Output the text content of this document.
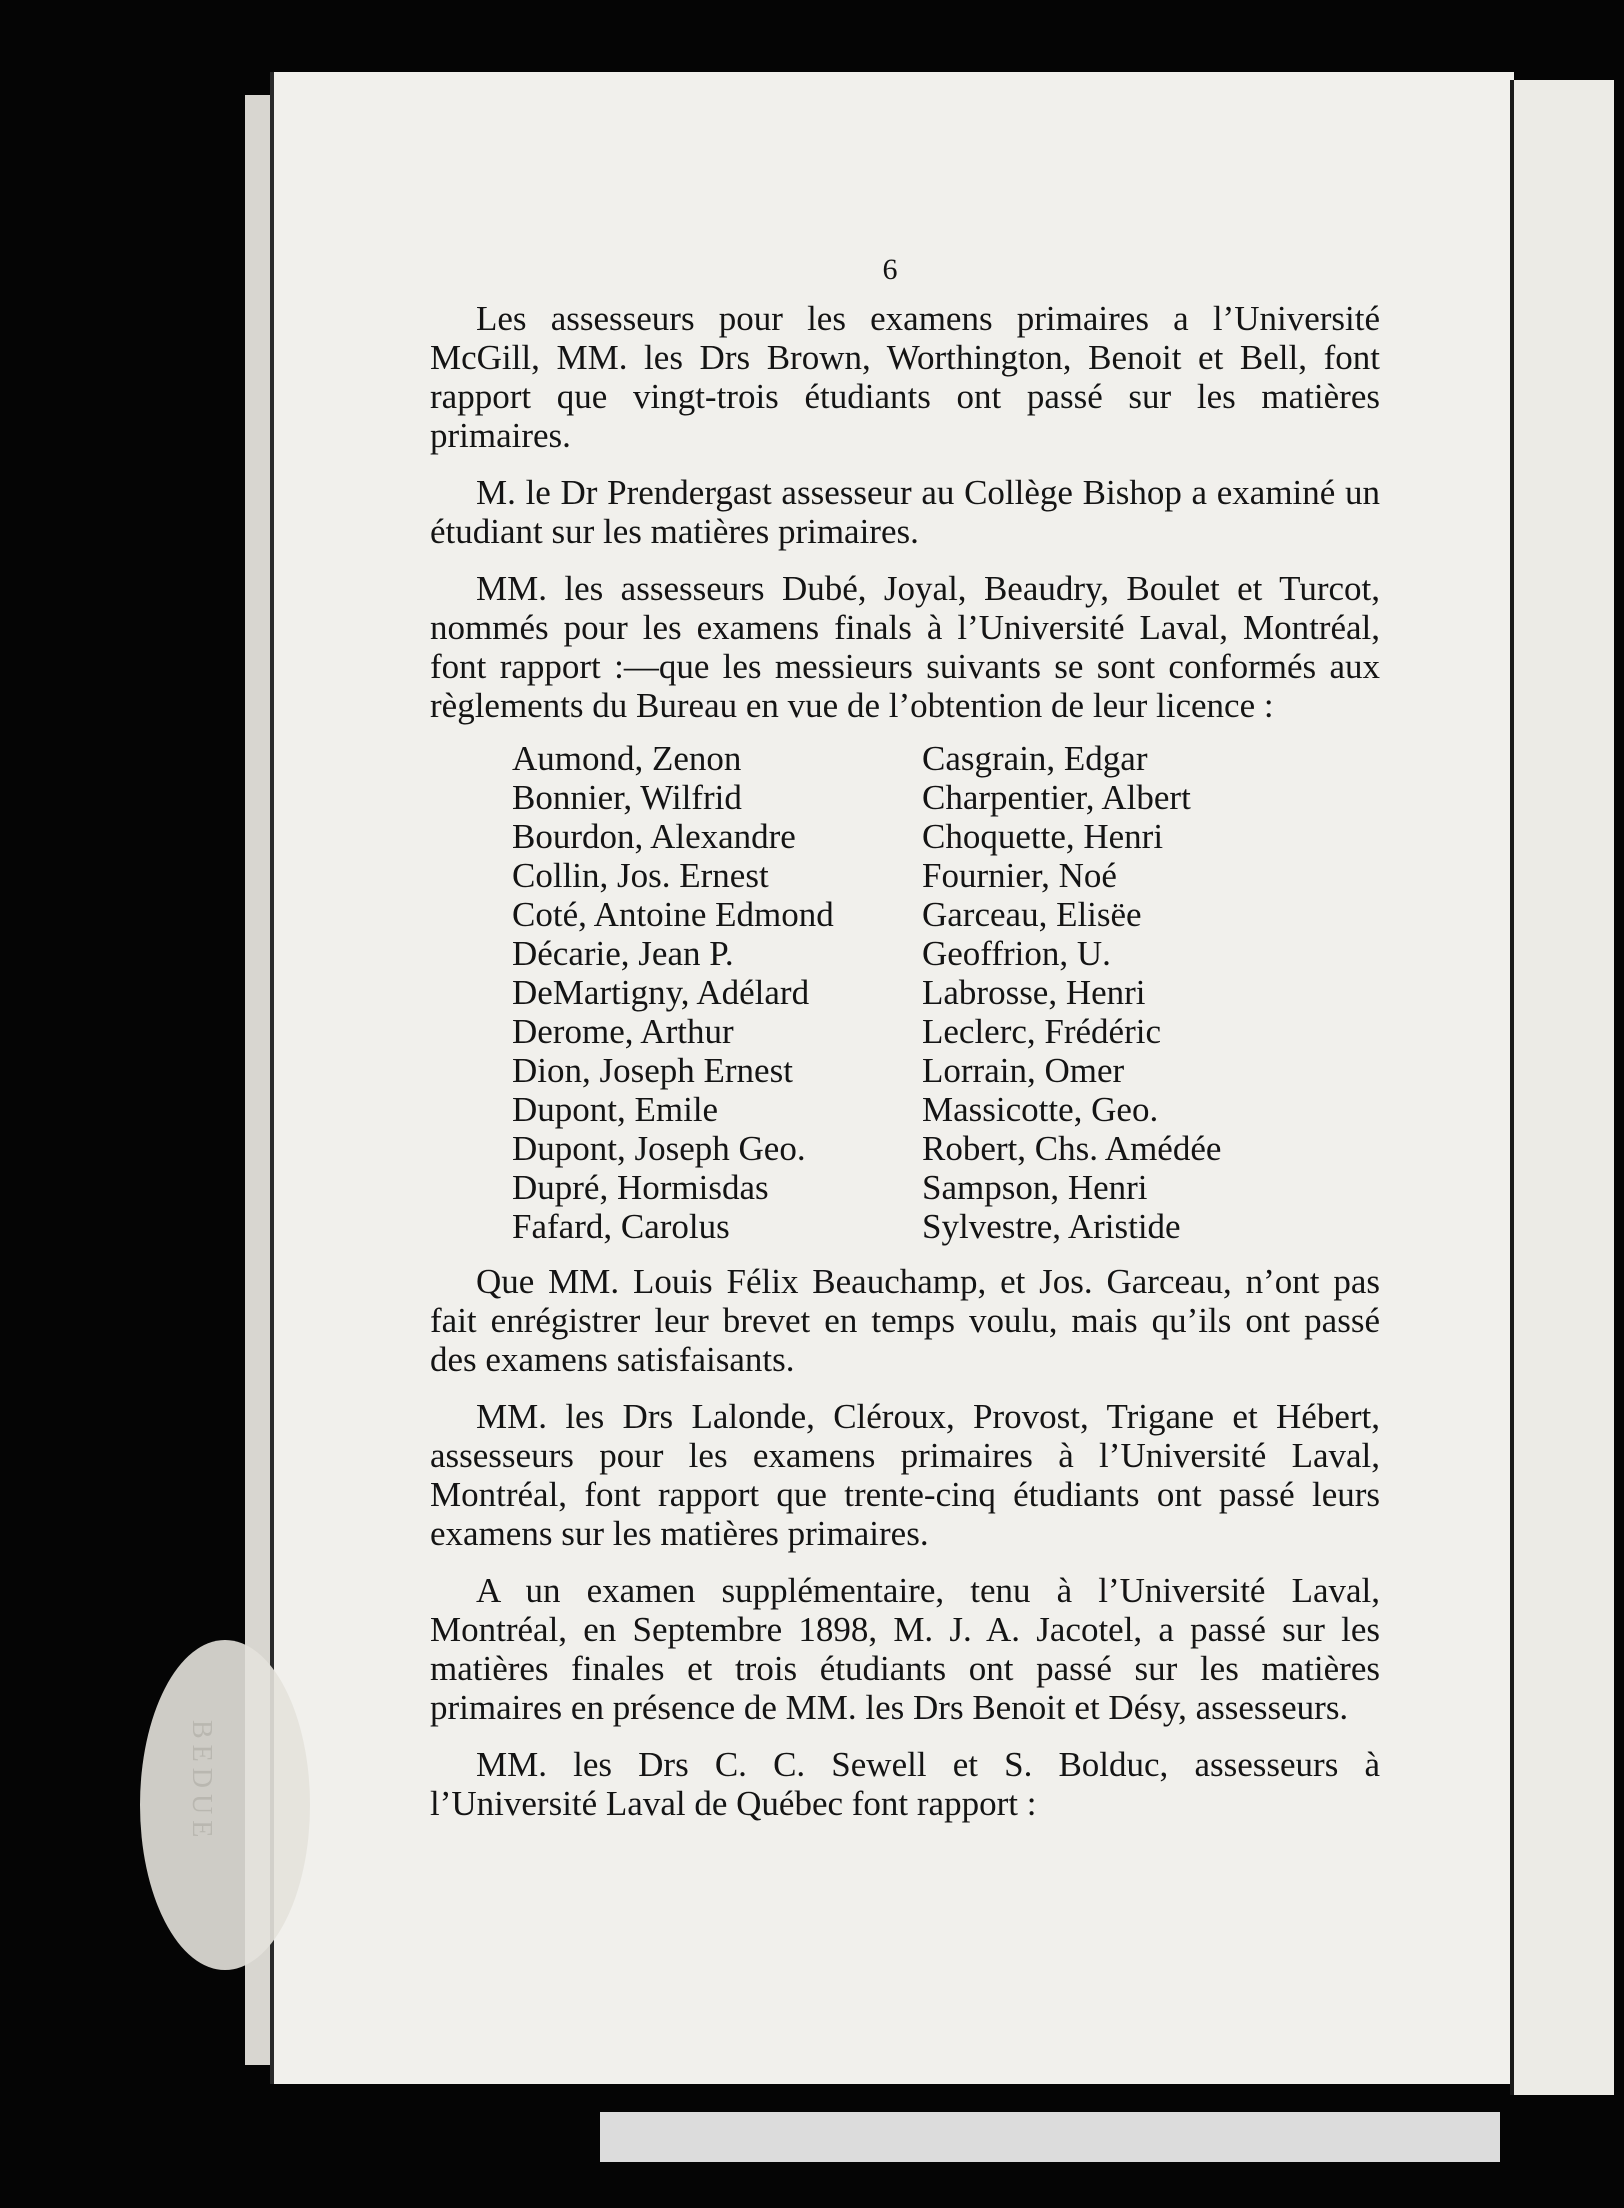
BEDUE
6

Les assesseurs pour les examens primaires a l’Université McGill, MM. les Drs Brown, Worthington, Benoit et Bell, font rapport que vingt-trois étudiants ont passé sur les matières primaires.

M. le Dr Prendergast assesseur au Collège Bishop a examiné un étudiant sur les matières primaires.

MM. les assesseurs Dubé, Joyal, Beaudry, Boulet et Turcot, nommés pour les examens finals à l’Université Laval, Montréal, font rapport :—que les messieurs suivants se sont conformés aux règlements du Bureau en vue de l’obtention de leur licence :

Aumond, Zenon
Bonnier, Wilfrid
Bourdon, Alexandre
Collin, Jos. Ernest
Coté, Antoine Edmond
Décarie, Jean P.
DeMartigny, Adélard
Derome, Arthur
Dion, Joseph Ernest
Dupont, Emile
Dupont, Joseph Geo.
Dupré, Hormisdas
Fafard, Carolus
Casgrain, Edgar
Charpentier, Albert
Choquette, Henri
Fournier, Noé
Garceau, Elisëe
Geoffrion, U.
Labrosse, Henri
Leclerc, Frédéric
Lorrain, Omer
Massicotte, Geo.
Robert, Chs. Amédée
Sampson, Henri
Sylvestre, Aristide

Que MM. Louis Félix Beauchamp, et Jos. Garceau, n’ont pas fait enrégistrer leur brevet en temps voulu, mais qu’ils ont passé des examens satisfaisants.

MM. les Drs Lalonde, Cléroux, Provost, Trigane et Hébert, assesseurs pour les examens primaires à l’Université Laval, Montréal, font rapport que trente-cinq étudiants ont passé leurs examens sur les matières primaires.

A un examen supplémentaire, tenu à l’Université Laval, Montréal, en Septembre 1898, M. J. A. Jacotel, a passé sur les matières finales et trois étudiants ont passé sur les matières primaires en présence de MM. les Drs Benoit et Désy, assesseurs.

MM. les Drs C. C. Sewell et S. Bolduc, assesseurs à l’Université Laval de Québec font rapport :
